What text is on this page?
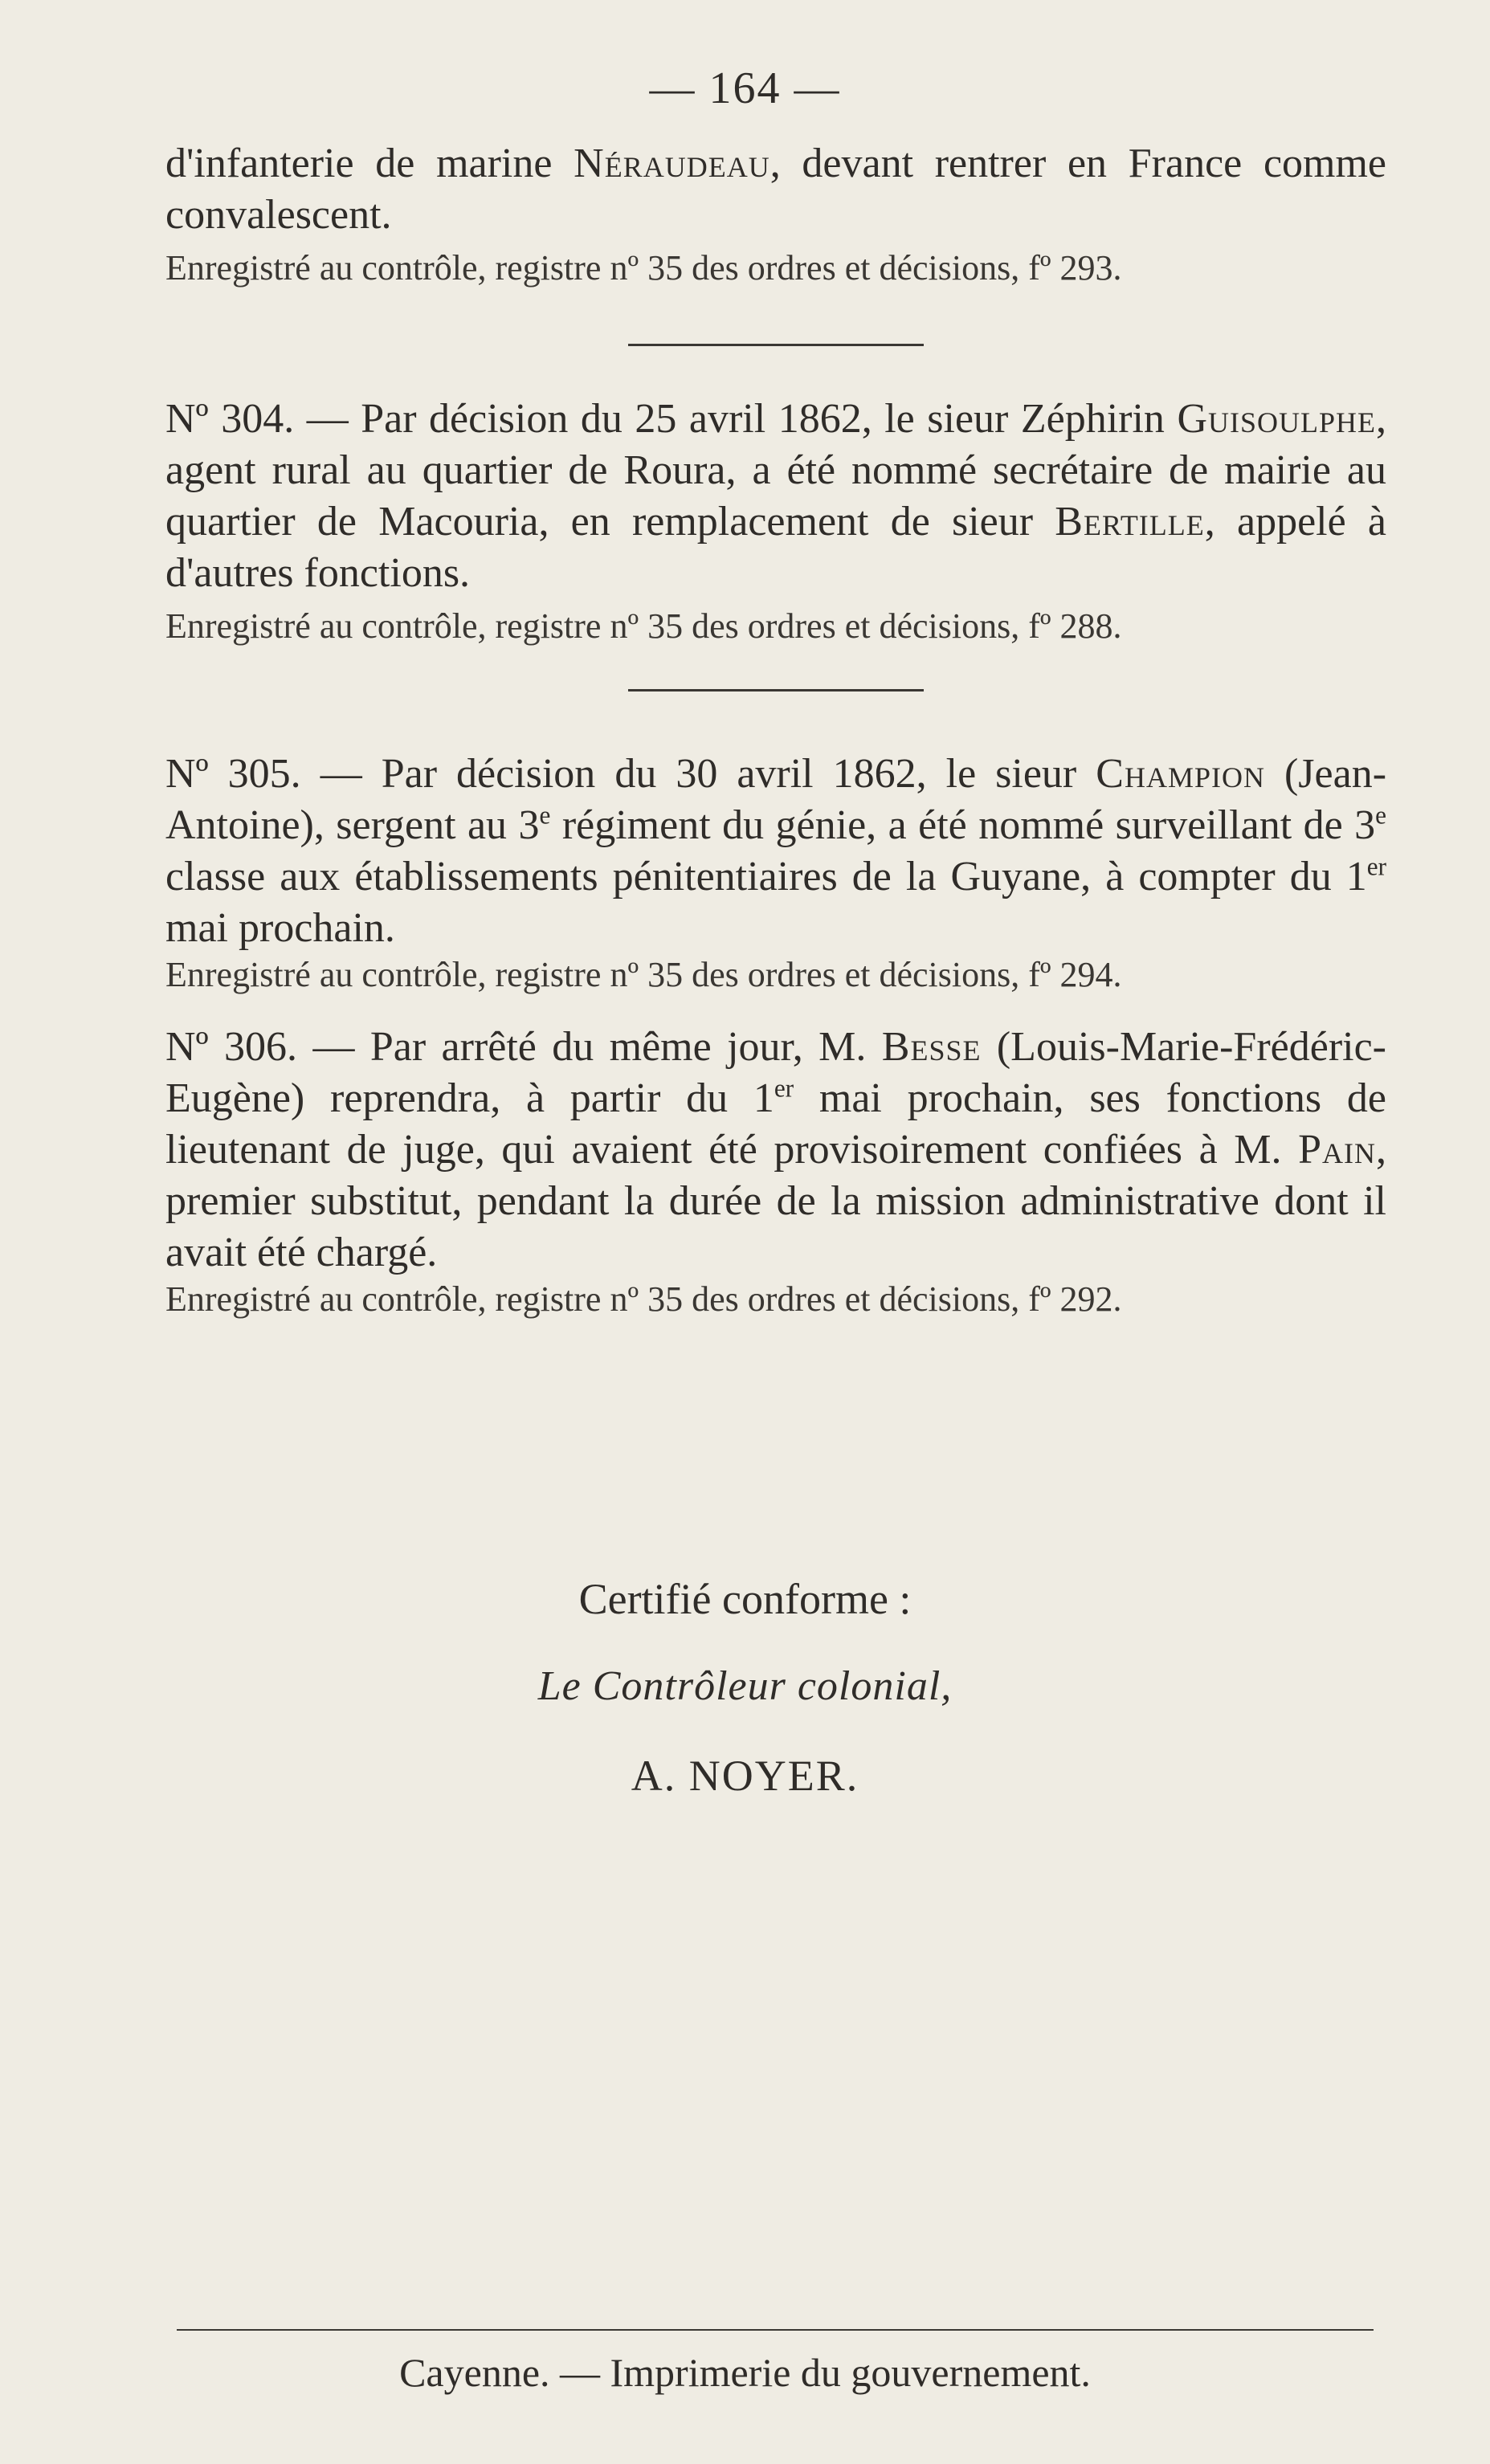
— 164 —
d'infanterie de marine Néraudeau, devant rentrer en France comme convalescent.
Enregistré au contrôle, registre nº 35 des ordres et décisions, fº 293.
Nº 304. — Par décision du 25 avril 1862, le sieur Zéphirin Guisoulphe, agent rural au quartier de Roura, a été nommé secrétaire de mairie au quartier de Macouria, en remplacement de sieur Bertille, appelé à d'autres fonctions.
Enregistré au contrôle, registre nº 35 des ordres et décisions, fº 288.
Nº 305. — Par décision du 30 avril 1862, le sieur Champion (Jean-Antoine), sergent au 3e régiment du génie, a été nommé surveillant de 3e classe aux établissements pénitentiaires de la Guyane, à compter du 1er mai prochain.
Enregistré au contrôle, registre nº 35 des ordres et décisions, fº 294.
Nº 306. — Par arrêté du même jour, M. Besse (Louis-Marie-Frédéric-Eugène) reprendra, à partir du 1er mai prochain, ses fonctions de lieutenant de juge, qui avaient été provisoirement confiées à M. Pain, premier substitut, pendant la durée de la mission administrative dont il avait été chargé.
Enregistré au contrôle, registre nº 35 des ordres et décisions, fº 292.
Certifié conforme :
Le Contrôleur colonial,
A. NOYER.
Cayenne. — Imprimerie du gouvernement.
